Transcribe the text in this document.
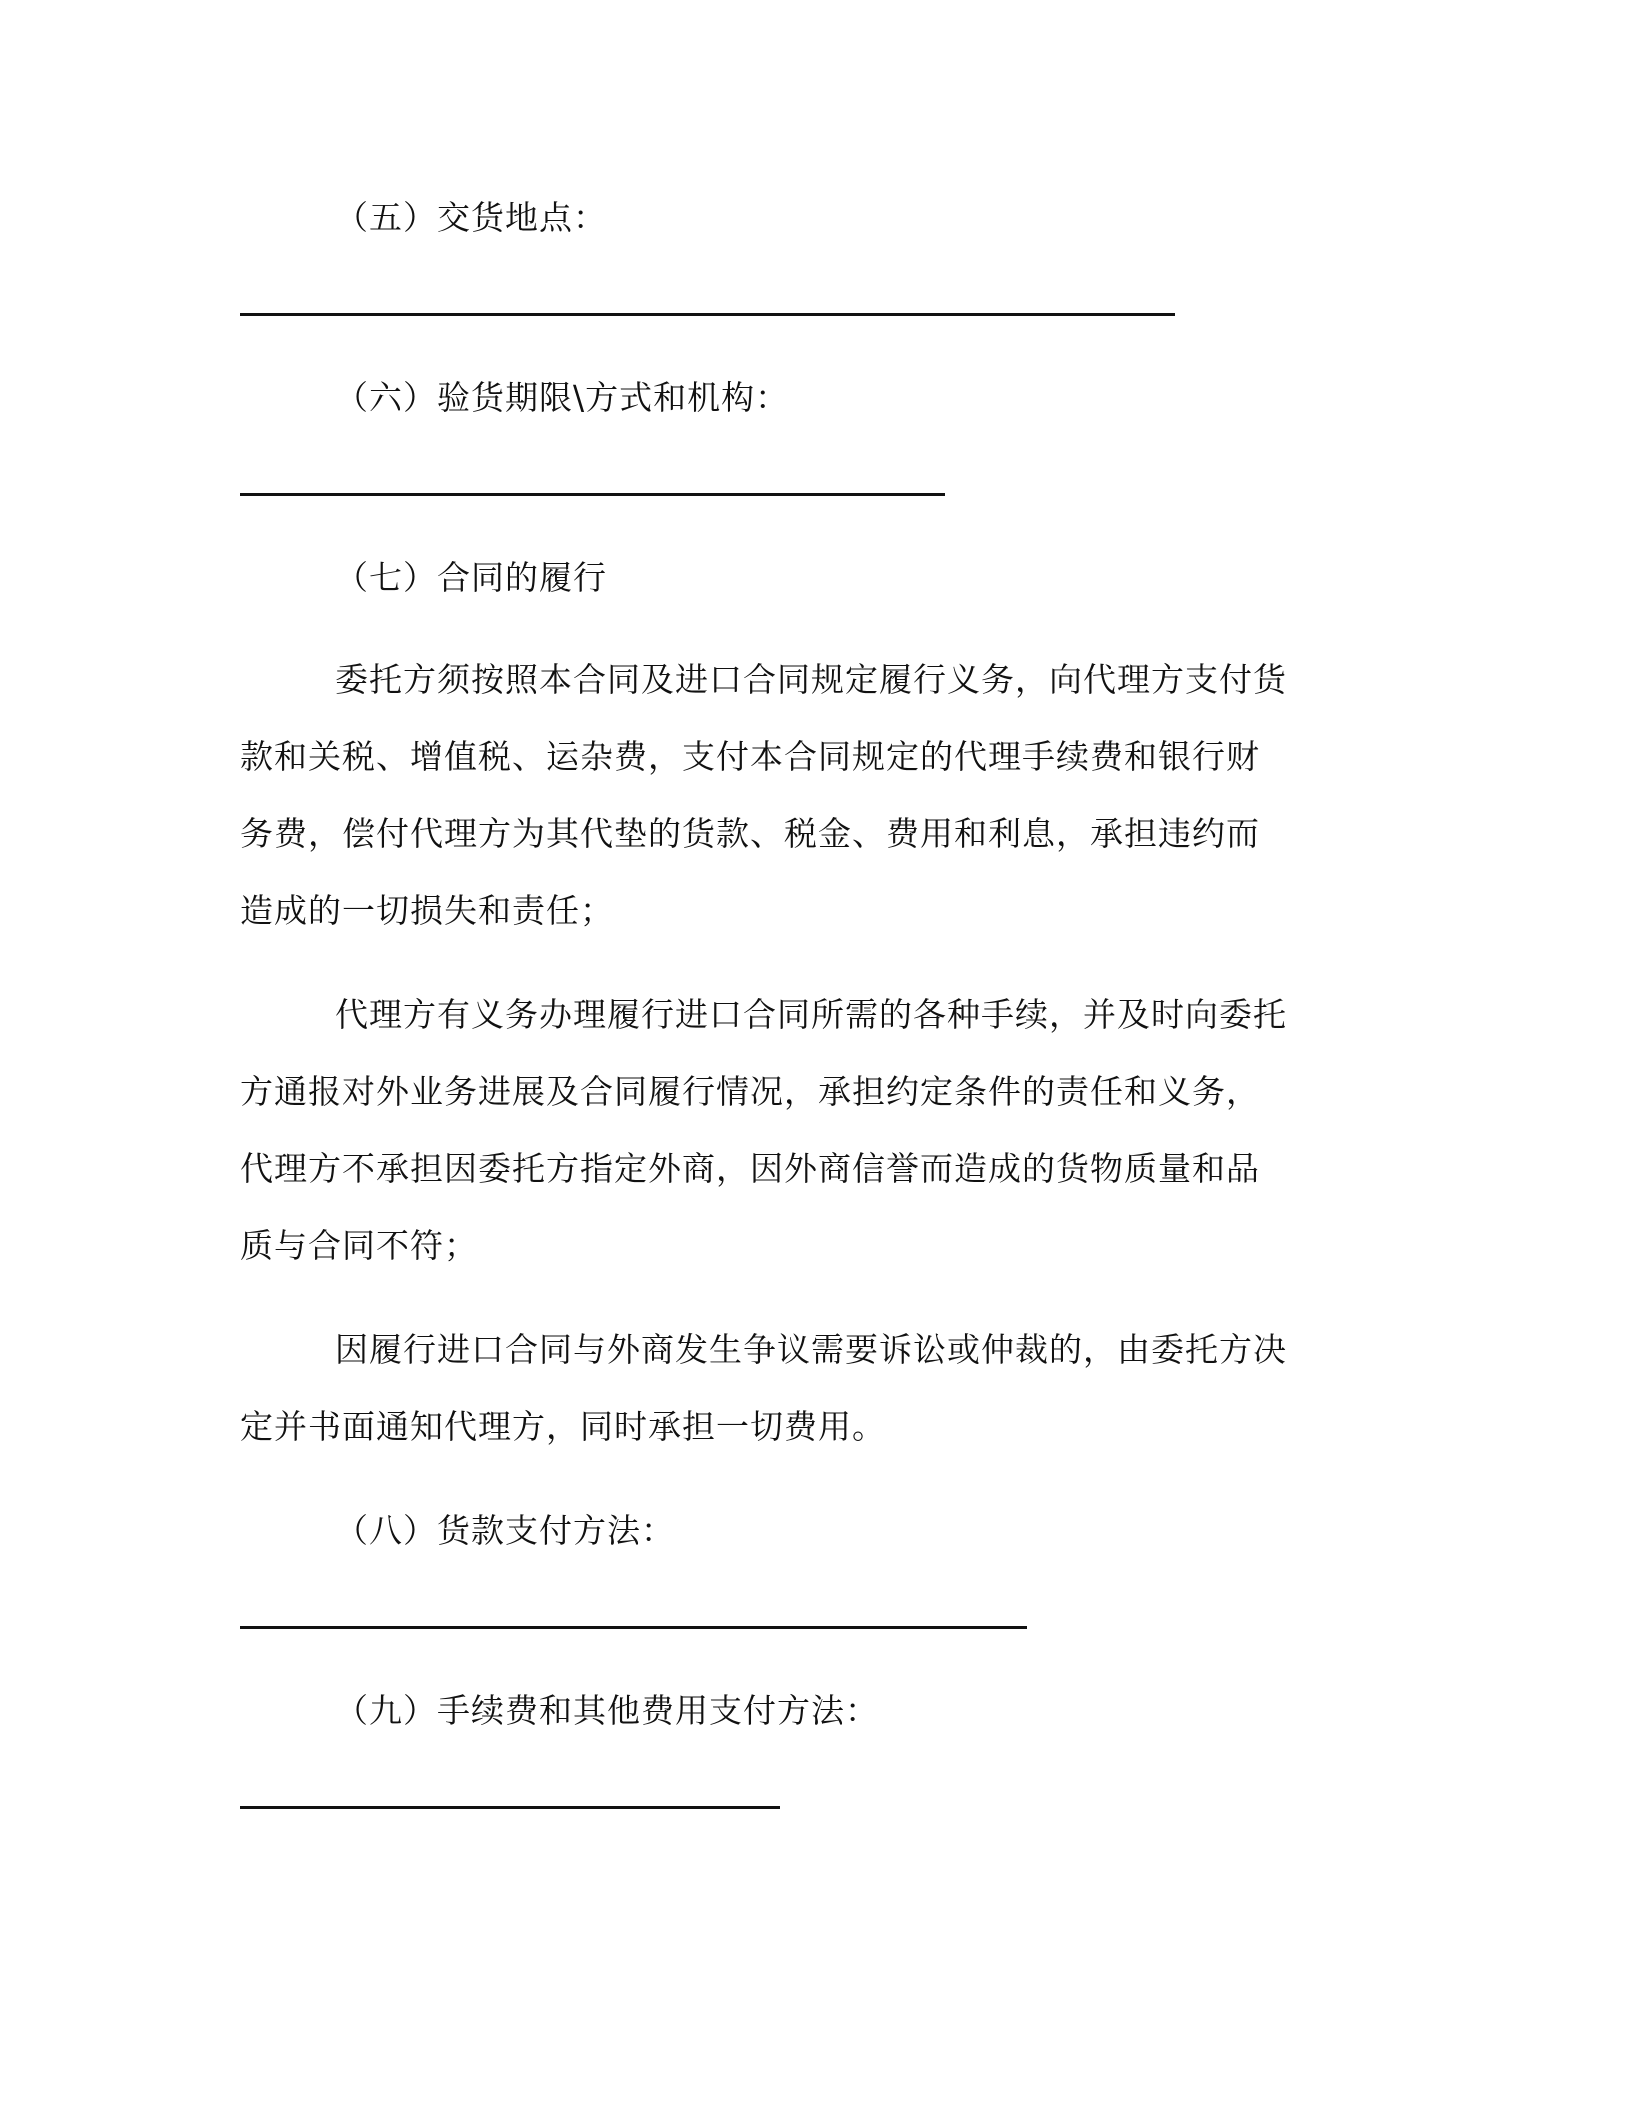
（五）交货地点：
（六）验货期限\方式和机构：
（七）合同的履行
委托方须按照本合同及进口合同规定履行义务，向代理方支付货
款和关税、增值税、运杂费，支付本合同规定的代理手续费和银行财
务费，偿付代理方为其代垫的货款、税金、费用和利息，承担违约而
造成的一切损失和责任；
代理方有义务办理履行进口合同所需的各种手续，并及时向委托
方通报对外业务进展及合同履行情况，承担约定条件的责任和义务，
代理方不承担因委托方指定外商，因外商信誉而造成的货物质量和品
质与合同不符；
因履行进口合同与外商发生争议需要诉讼或仲裁的，由委托方决
定并书面通知代理方，同时承担一切费用。
（八）货款支付方法：
（九）手续费和其他费用支付方法：
